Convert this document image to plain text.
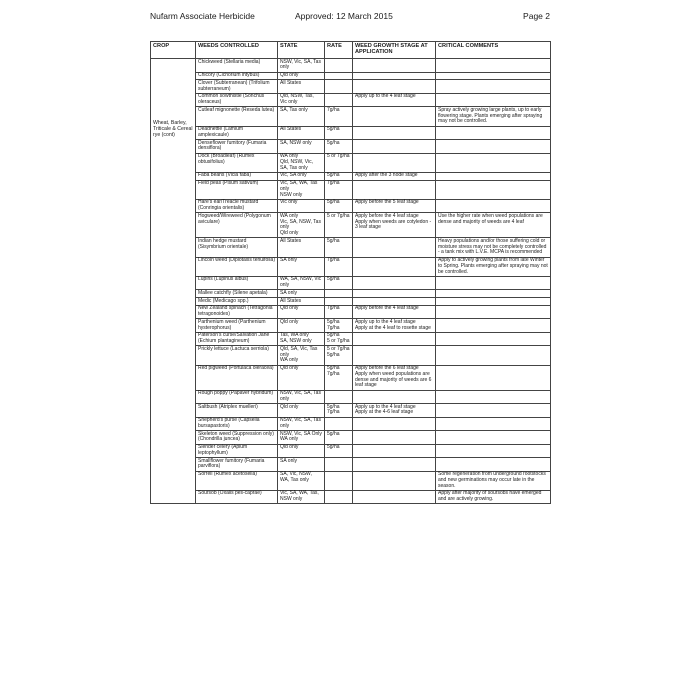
Nufarm Associate Herbicide	Approved: 12 March 2015	Page 2
CROP	WEEDS CONTROLLED	STATE	RATE	WEED GROWTH STAGE AT APPLICATION	CRITICAL COMMENTS
Wheat, Barley, Triticale & Cereal rye (cont)	Chickweed (Stellaria media)	NSW, Vic, SA, Tas only			

	Chicory (Cichorium intybus)	Qld only			

	Clover (Subterranean) (Trifolium subterraneum)	All States			

	Common sowthistle (Sonchus oleraceus)	Qld, NSW, Tas, Vic only		Apply up to the 4 leaf stage	

	Cutleaf mignonette (Reseda lutea)	SA, Tas only	7g/ha		Spray actively growing large plants, up to early flowering stage. Plants emerging after spraying may not be controlled.

	Deadnettle (Lamium amplexicaule)	All States	5g/ha		

	Denseflower fumitory (Fumaria densiflora)	SA, NSW only	5g/ha		

	Dock (Broadleaf) (Rumex obtusifolius)	WA only
Qld, NSW, Vic, SA, Tas only	5 or 7g/ha		

	Faba beans (Vicia faba)	Vic, SA only	5g/ha	Apply after the 3 node stage	

	Field peas (Pisum sativum)	Vic, SA, WA, Tas only
NSW only	7g/ha		

	Hare's ear/Treacle mustard (Conringia orientalis)	Vic only	5g/ha	Apply before the 5 leaf stage	

	Hogweed/Wireweed (Polygonum aviculare)	WA only
Vic, SA, NSW, Tas only
Qld only	5 or 7g/ha	Apply before the 4 leaf stage
Apply when weeds are cotyledon - 3 leaf stage	Use the higher rate when weed populations are dense and majority of weeds are 4 leaf

	Indian hedge mustard (Sisymbrium orientale)	All States	5g/ha		Heavy populations and/or those suffering cold or moisture stress may not be completely controlled - a tank mix with L.V.E. MCPA is recommended

	Lincoln weed (Diplotaxis tenuifolia)	SA only	7g/ha		Apply to actively growing plants from late Winter to Spring. Plants emerging after spraying may not be controlled.

	Lupins (Lupinus albus)	WA, SA, NSW, Vic only	5g/ha		

	Mallee catchfly (Silene apetala)	SA only			

	Medic (Medicago spp.)	All States			

	New Zealand spinach (Tetragonia tetragonoides)	Qld only	7g/ha	Apply before the 4 leaf stage	

	Parthenium weed (Parthenium hysterophorus)	Qld only	5g/ha
7g/ha	Apply up to the 4 leaf stage
Apply at the 4 leaf to rosette stage	

	Paterson's curse/Salvation Jane (Echium plantagineum)	Tas, WA only
SA, NSW only	5g/ha
5 or 7g/ha		

	Prickly lettuce (Lactuca serriola)	Qld, SA, Vic, Tas only
WA only	5 or 7g/ha
5g/ha		

	Red pigweed (Portulaca oleracea)	Qld only	5g/ha
7g/ha	Apply before the 6 leaf stage
Apply when weed populations are dense and majority of weeds are 6 leaf stage	

	Rough poppy (Papaver hybridum)	NSW, Vic, SA, Tas only			

	Saltbush (Atriplex muelleri)	Qld only	5g/ha
7g/ha	Apply up to the 4 leaf stage
Apply at the 4-6 leaf stage	

	Shepherd's purse (Capsella bursapastoris)	NSW, Vic, SA, Tas only			

	Skeleton weed (Suppression only) (Chondrilla juncea)	NSW, Vic, SA Only
WA only	5g/ha		

	Slender celery (Apium leptophyllum)	Qld only	5g/ha		

	Smallflower fumitory (Fumaria parviflora)	SA only			

	Sorrell (Rumex acetosella)	SA, Vic, NSW, WA, Tas only			Some regeneration from underground rootstocks and new germinations may occur late in the season.

	Soursob (Oxalis pes-caprae)	Vic, SA, WA, Tas, NSW only			Apply after majority of soursobs have emerged and are actively growing.
